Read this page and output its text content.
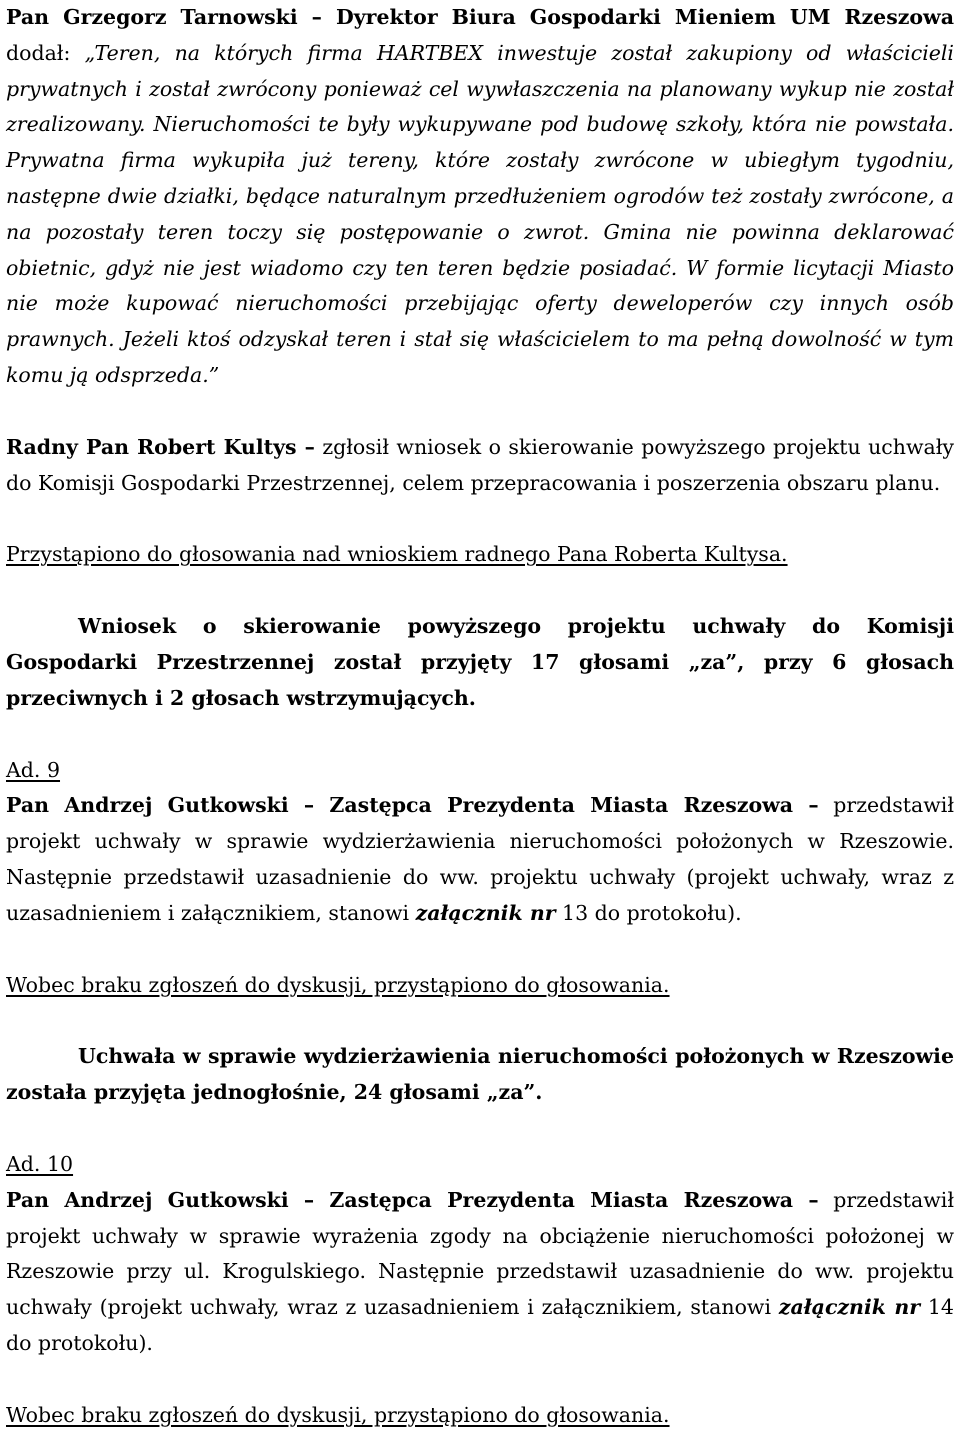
Pan Grzegorz Tarnowski – Dyrektor Biura Gospodarki Mieniem UM Rzeszowa dodał: „Teren, na których firma HARTBEX inwestuje został zakupiony od właścicieli prywatnych i został zwrócony ponieważ cel wywłaszczenia na planowany wykup nie został zrealizowany. Nieruchomości te były wykupywane pod budowę szkoły, która nie powstała. Prywatna firma wykupiła już tereny, które zostały zwrócone w ubiegłym tygodniu, następne dwie działki, będące naturalnym przedłużeniem ogrodów też zostały zwrócone, a na pozostały teren toczy się postępowanie o zwrot. Gmina nie powinna deklarować obietnic, gdyż nie jest wiadomo czy ten teren będzie posiadać. W formie licytacji Miasto nie może kupować nieruchomości przebijając oferty deweloperów czy innych osób prawnych. Jeżeli ktoś odzyskał teren i stał się właścicielem to ma pełną dowolność w tym komu ją odsprzeda.”

Radny Pan Robert Kultys – zgłosił wniosek o skierowanie powyższego projektu uchwały do Komisji Gospodarki Przestrzennej, celem przepracowania i poszerzenia obszaru planu.

Przystąpiono do głosowania nad wnioskiem radnego Pana Roberta Kultysa.

Wniosek o skierowanie powyższego projektu uchwały do Komisji Gospodarki Przestrzennej został przyjęty 17 głosami „za”, przy 6 głosach przeciwnych i 2 głosach wstrzymujących.

Ad. 9

Pan Andrzej Gutkowski – Zastępca Prezydenta Miasta Rzeszowa – przedstawił projekt uchwały w sprawie wydzierżawienia nieruchomości położonych w Rzeszowie. Następnie przedstawił uzasadnienie do ww. projektu uchwały (projekt uchwały, wraz z uzasadnieniem i załącznikiem, stanowi załącznik nr 13 do protokołu).

Wobec braku zgłoszeń do dyskusji, przystąpiono do głosowania.

Uchwała w sprawie wydzierżawienia nieruchomości położonych w Rzeszowie została przyjęta jednogłośnie, 24 głosami „za”.

Ad. 10

Pan Andrzej Gutkowski – Zastępca Prezydenta Miasta Rzeszowa – przedstawił projekt uchwały w sprawie wyrażenia zgody na obciążenie nieruchomości położonej w Rzeszowie przy ul. Krogulskiego. Następnie przedstawił uzasadnienie do ww. projektu uchwały (projekt uchwały, wraz z uzasadnieniem i załącznikiem, stanowi załącznik nr 14 do protokołu).

Wobec braku zgłoszeń do dyskusji, przystąpiono do głosowania.
